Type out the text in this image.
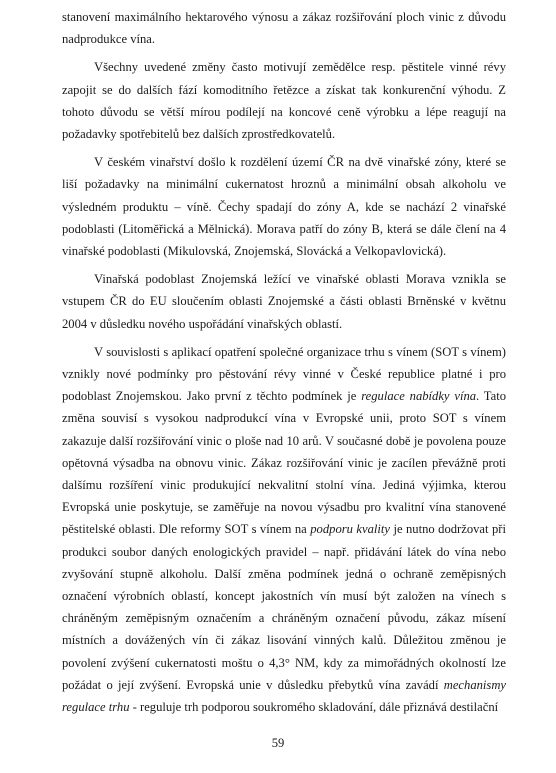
stanovení maximálního hektarového výnosu a zákaz rozšiřování ploch vinic z důvodu nadprodukce vína.

Všechny uvedené změny často motivují zemědělce resp. pěstitele vinné révy zapojit se do dalších fází komoditního řetězce a získat tak konkurenční výhodu. Z tohoto důvodu se větší mírou podílejí na koncové ceně výrobku a lépe reagují na požadavky spotřebitelů bez dalších zprostředkovatelů.

V českém vinařství došlo k rozdělení území ČR na dvě vinařské zóny, které se liší požadavky na minimální cukernatost hroznů a minimální obsah alkoholu ve výsledném produktu – víně. Čechy spadají do zóny A, kde se nachází 2 vinařské podoblasti (Litoměřická a Mělnická). Morava patří do zóny B, která se dále člení na 4 vinařské podoblasti (Mikulovská, Znojemská, Slovácká a Velkopavlovická).

Vinařská podoblast Znojemská ležící ve vinařské oblasti Morava vznikla se vstupem ČR do EU sloučením oblasti Znojemské a části oblasti Brněnské v květnu 2004 v důsledku nového uspořádání vinařských oblastí.

V souvislosti s aplikací opatření společné organizace trhu s vínem (SOT s vínem) vznikly nové podmínky pro pěstování révy vinné v České republice platné i pro podoblast Znojemskou. Jako první z těchto podmínek je regulace nabídky vína. Tato změna souvisí s vysokou nadprodukcí vína v Evropské unii, proto SOT s vínem zakazuje další rozšiřování vinic o ploše nad 10 arů. V současné době je povolena pouze opětovná výsadba na obnovu vinic. Zákaz rozšiřování vinic je zacílen převážně proti dalšímu rozšíření vinic produkující nekvalitní stolní vína. Jediná výjimka, kterou Evropská unie poskytuje, se zaměřuje na novou výsadbu pro kvalitní vína stanovené pěstitelské oblasti. Dle reformy SOT s vínem na podporu kvality je nutno dodržovat při produkci soubor daných enologických pravidel – např. přidávání látek do vína nebo zvyšování stupně alkoholu. Další změna podmínek jedná o ochraně zeměpisných označení výrobních oblastí, koncept jakostních vín musí být založen na vínech s chráněným zeměpisným označením a chráněným označení původu, zákaz mísení místních a dovážených vín či zákaz lisování vinných kalů. Důležitou změnou je povolení zvýšení cukernatosti moštu o 4,3° NM, kdy za mimořádných okolností lze požádat o její zvýšení. Evropská unie v důsledku přebytků vína zavádí mechanismy regulace trhu - reguluje trh podporou soukromého skladování, dále přiznává destilační

59
